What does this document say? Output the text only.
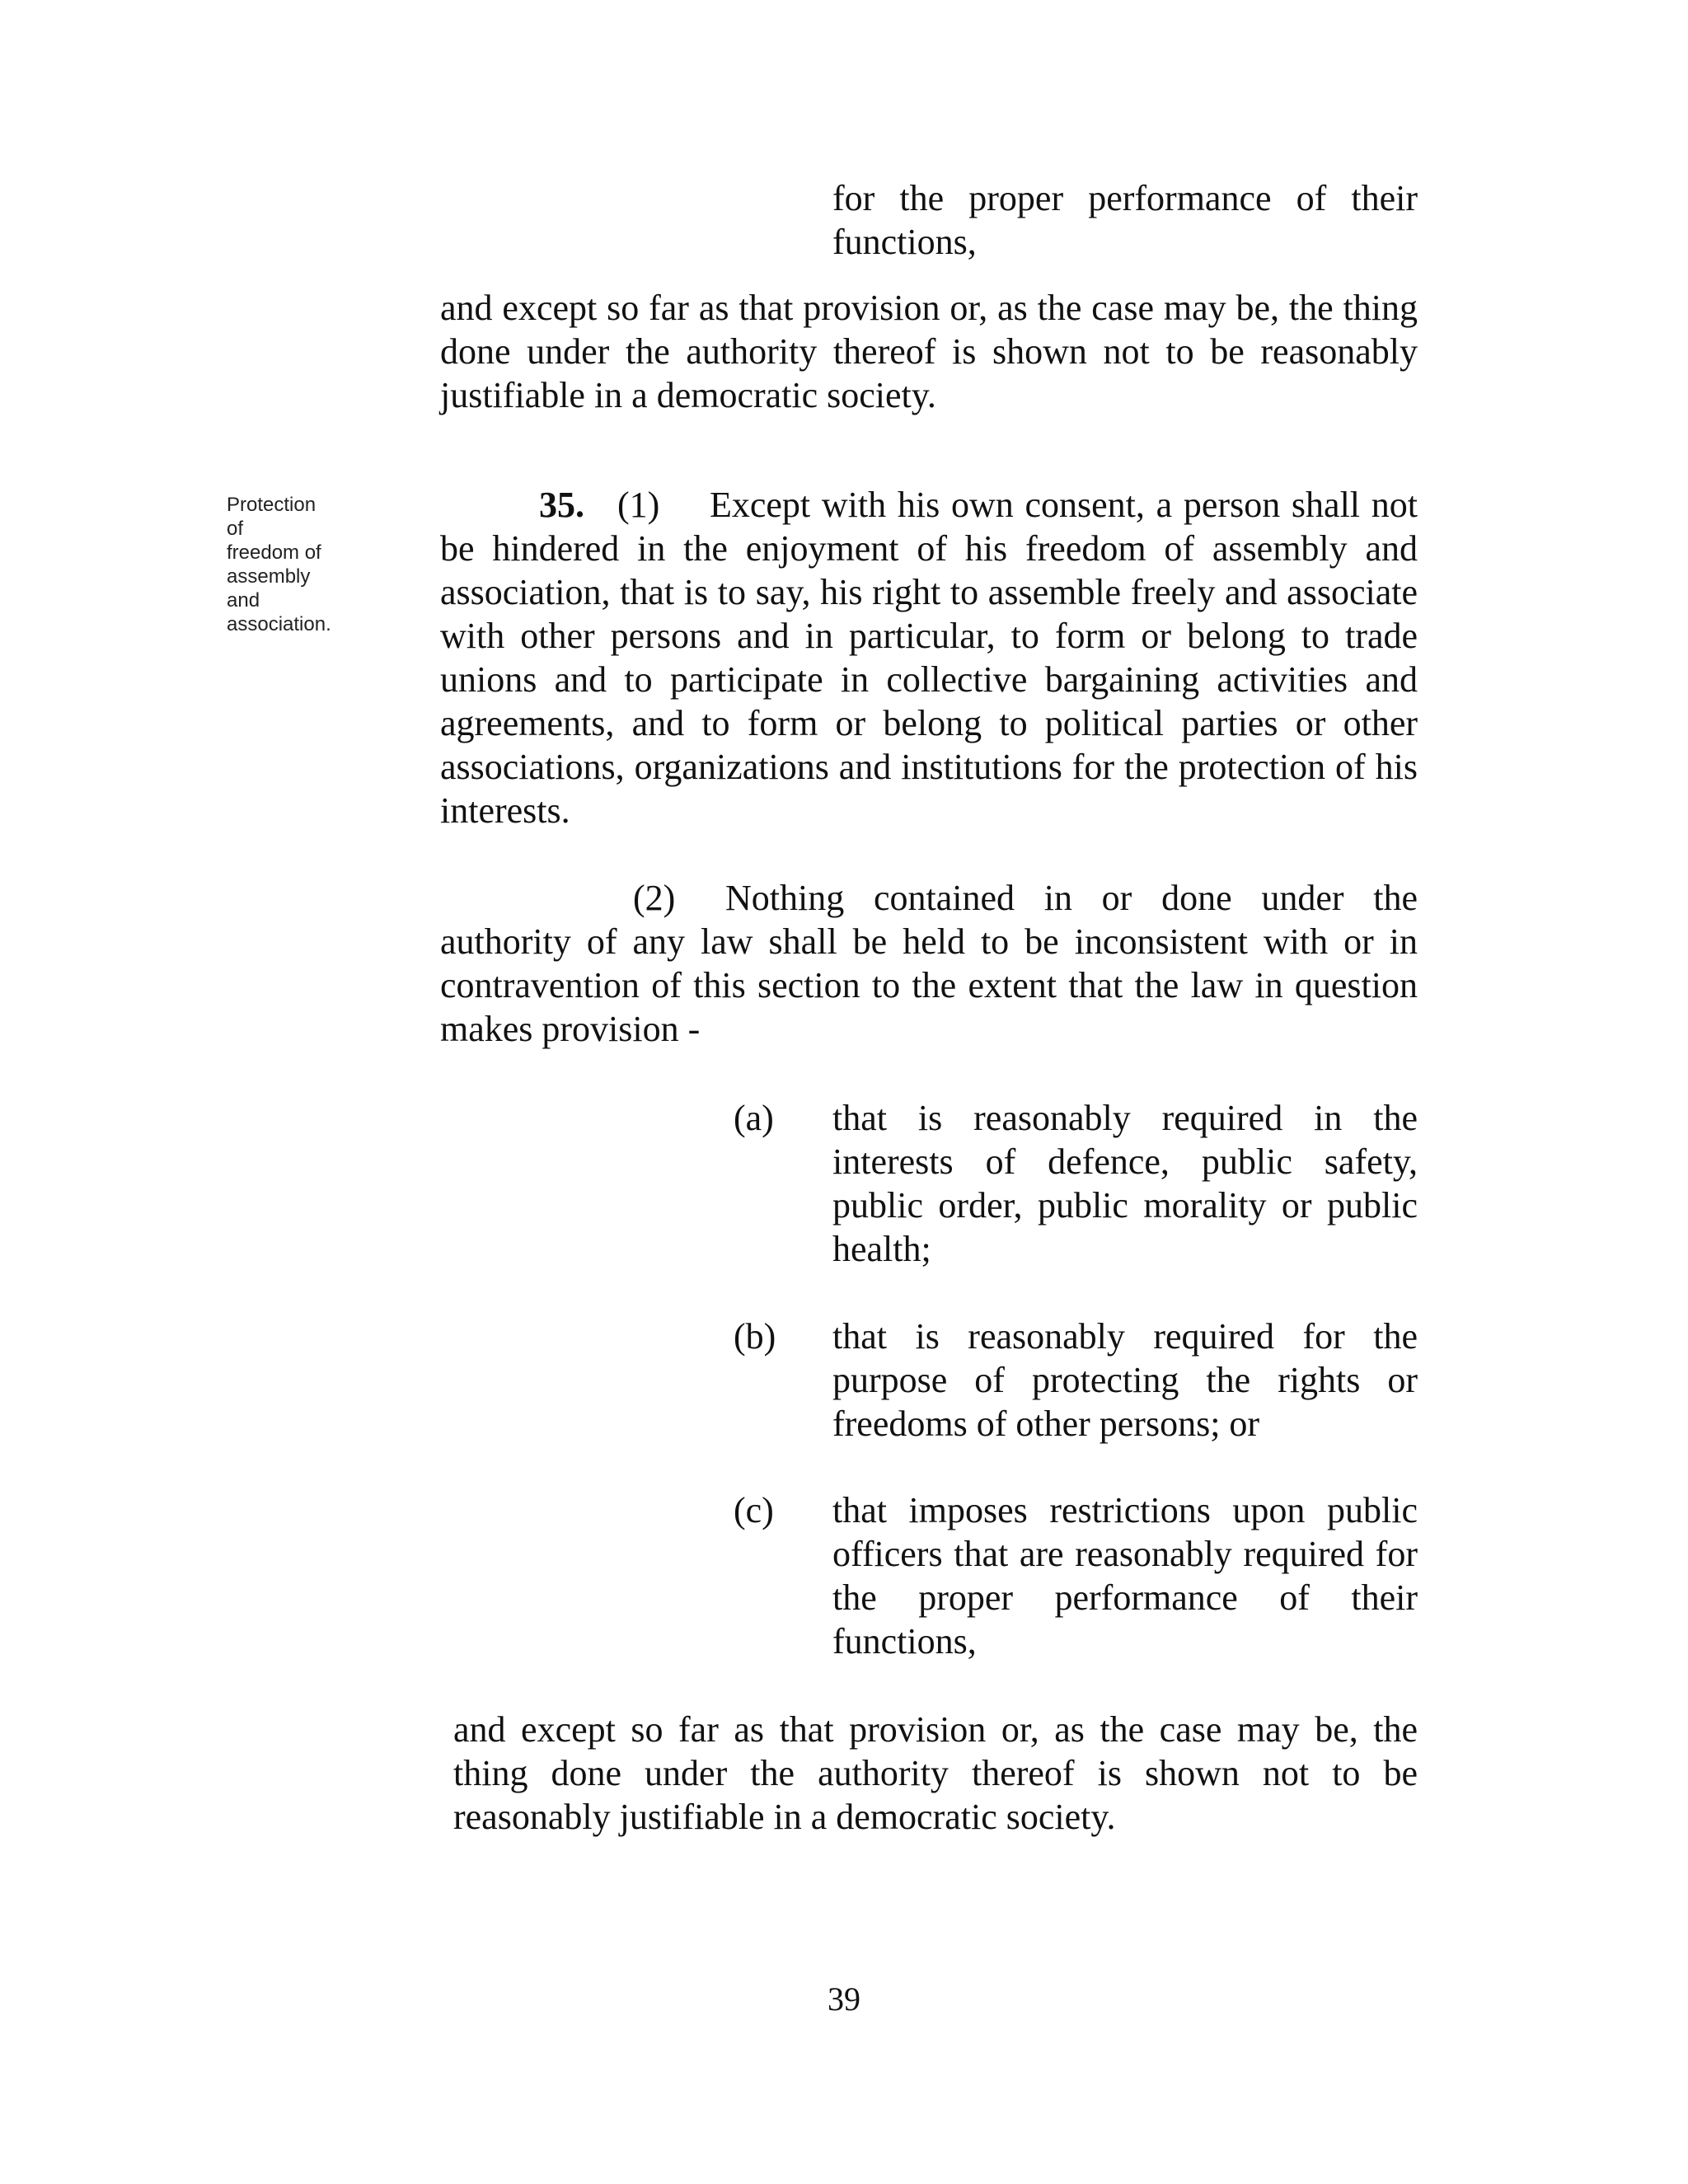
for the proper performance of their functions,
and except so far as that provision or, as the case may be, the thing done under the authority thereof is shown not to be reasonably justifiable in a democratic society.
Protection
of
freedom of
assembly
and
association.
35. (1) Except with his own consent, a person shall not be hindered in the enjoyment of his freedom of assembly and association, that is to say, his right to assemble freely and associate with other persons and in particular, to form or belong to trade unions and to participate in collective bargaining activities and agreements, and to form or belong to political parties or other associations, organizations and institutions for the protection of his interests.
(2) Nothing contained in or done under the authority of any law shall be held to be inconsistent with or in contravention of this section to the extent that the law in question makes provision -
(a) that is reasonably required in the interests of defence, public safety, public order, public morality or public health;
(b) that is reasonably required for the purpose of protecting the rights or freedoms of other persons; or
(c) that imposes restrictions upon public officers that are reasonably required for the proper performance of their functions,
and except so far as that provision or, as the case may be, the thing done under the authority thereof is shown not to be reasonably justifiable in a democratic society.
39
